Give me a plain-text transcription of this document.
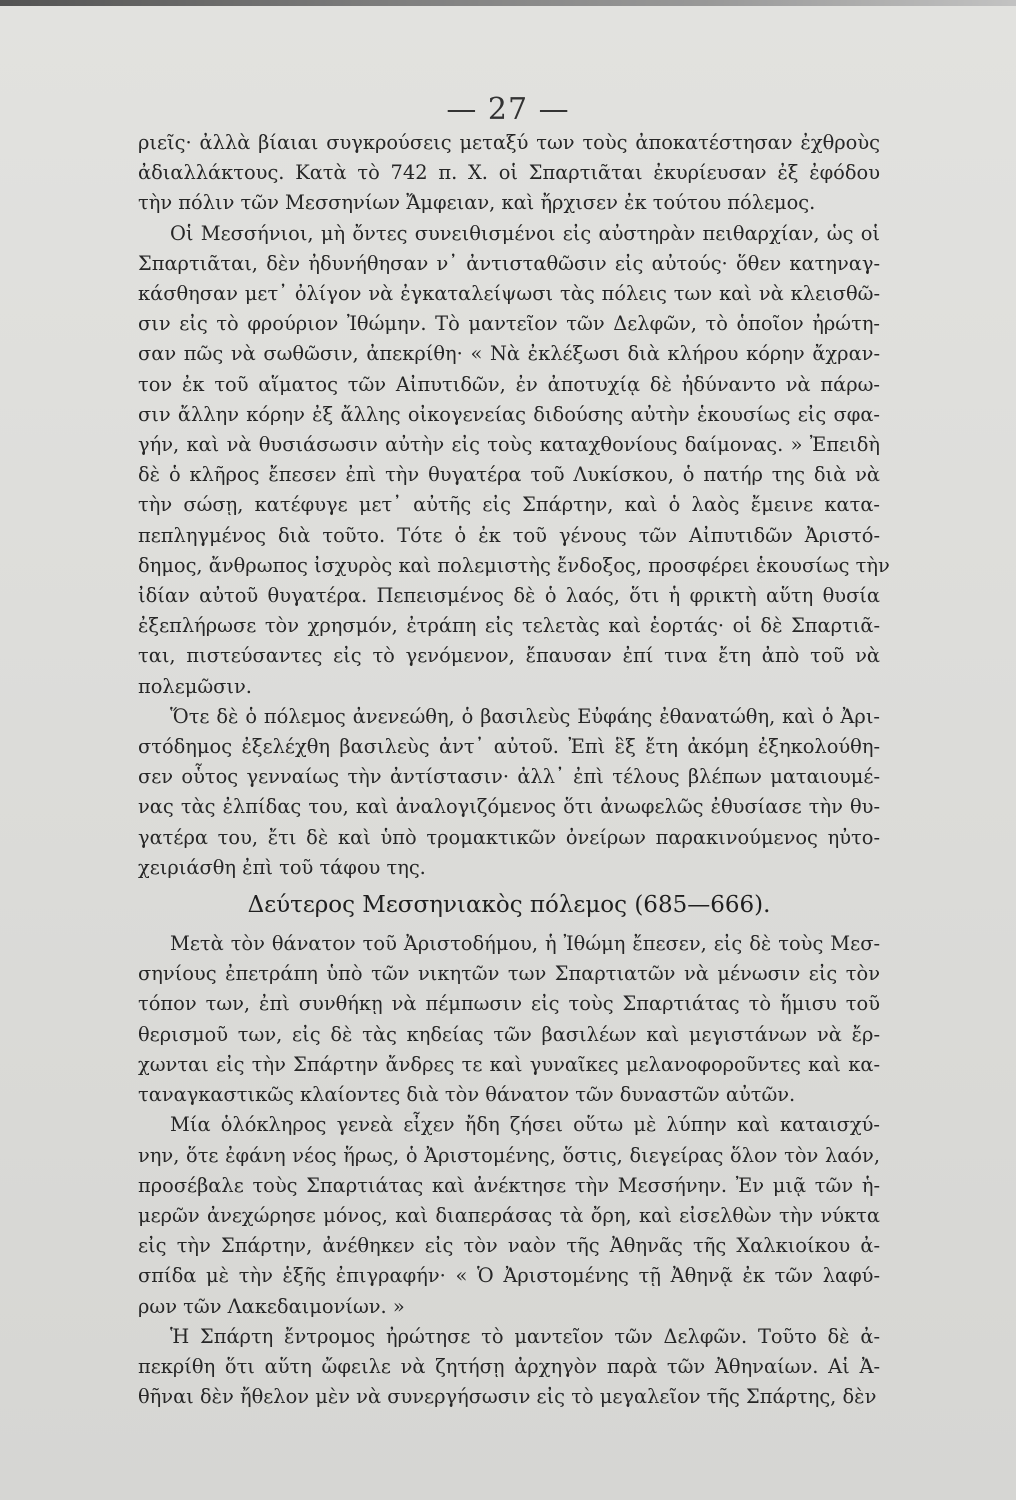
— 27 —
ριεῖς· ἀλλὰ βίαιαι συγκρούσεις μεταξύ των τοὺς ἀποκατέστησαν ἐχθροὺς
ἀδιαλλάκτους. Κατὰ τὸ 742 π. Χ. οἱ Σπαρτιᾶται ἐκυρίευσαν ἐξ ἐφόδου
τὴν πόλιν τῶν Μεσσηνίων Ἄμφειαν, καὶ ἤρχισεν ἐκ τούτου πόλεμος.
Οἱ Μεσσήνιοι, μὴ ὄντες συνειθισμένοι εἰς αὐστηρὰν πειθαρχίαν, ὡς οἱ
Σπαρτιᾶται, δὲν ἠδυνήθησαν ν᾽ ἀντισταθῶσιν εἰς αὐτούς· ὅθεν κατηναγ-
κάσθησαν μετ᾽ ὀλίγον νὰ ἐγκαταλείψωσι τὰς πόλεις των καὶ νὰ κλεισθῶ-
σιν εἰς τὸ φρούριον Ἰθώμην. Τὸ μαντεῖον τῶν Δελφῶν, τὸ ὁποῖον ἠρώτη-
σαν πῶς νὰ σωθῶσιν, ἀπεκρίθη· « Νὰ ἐκλέξωσι διὰ κλήρου κόρην ἄχραν-
τον ἐκ τοῦ αἵματος τῶν Αἰπυτιδῶν, ἐν ἀποτυχίᾳ δὲ ἠδύναντο νὰ πάρω-
σιν ἄλλην κόρην ἐξ ἄλλης οἰκογενείας διδούσης αὐτὴν ἑκουσίως εἰς σφα-
γήν, καὶ νὰ θυσιάσωσιν αὐτὴν εἰς τοὺς καταχθονίους δαίμονας. » Ἐπειδὴ
δὲ ὁ κλῆρος ἔπεσεν ἐπὶ τὴν θυγατέρα τοῦ Λυκίσκου, ὁ πατήρ της διὰ νὰ
τὴν σώσῃ, κατέφυγε μετ᾽ αὐτῆς εἰς Σπάρτην, καὶ ὁ λαὸς ἔμεινε κατα-
πεπληγμένος διὰ τοῦτο. Τότε ὁ ἐκ τοῦ γένους τῶν Αἰπυτιδῶν Ἀριστό-
δημος, ἄνθρωπος ἰσχυρὸς καὶ πολεμιστὴς ἔνδοξος, προσφέρει ἑκουσίως τὴν
ἰδίαν αὐτοῦ θυγατέρα. Πεπεισμένος δὲ ὁ λαός, ὅτι ἡ φρικτὴ αὕτη θυσία
ἐξεπλήρωσε τὸν χρησμόν, ἐτράπη εἰς τελετὰς καὶ ἑορτάς· οἱ δὲ Σπαρτιᾶ-
ται, πιστεύσαντες εἰς τὸ γενόμενον, ἔπαυσαν ἐπί τινα ἔτη ἀπὸ τοῦ νὰ
πολεμῶσιν.
Ὅτε δὲ ὁ πόλεμος ἀνενεώθη, ὁ βασιλεὺς Εὐφάης ἐθανατώθη, καὶ ὁ Ἀρι-
στόδημος ἐξελέχθη βασιλεὺς ἀντ᾽ αὐτοῦ. Ἐπὶ ἓξ ἔτη ἀκόμη ἐξηκολούθη-
σεν οὗτος γενναίως τὴν ἀντίστασιν· ἀλλ᾽ ἐπὶ τέλους βλέπων ματαιουμέ-
νας τὰς ἐλπίδας του, καὶ ἀναλογιζόμενος ὅτι ἀνωφελῶς ἐθυσίασε τὴν θυ-
γατέρα του, ἔτι δὲ καὶ ὑπὸ τρομακτικῶν ὀνείρων παρακινούμενος ηὐτο-
χειριάσθη ἐπὶ τοῦ τάφου της.
Δεύτερος Μεσσηνιακὸς πόλεμος (685—666).
Μετὰ τὸν θάνατον τοῦ Ἀριστοδήμου, ἡ Ἰθώμη ἔπεσεν, εἰς δὲ τοὺς Μεσ-
σηνίους ἐπετράπη ὑπὸ τῶν νικητῶν των Σπαρτιατῶν νὰ μένωσιν εἰς τὸν
τόπον των, ἐπὶ συνθήκῃ νὰ πέμπωσιν εἰς τοὺς Σπαρτιάτας τὸ ἥμισυ τοῦ
θερισμοῦ των, εἰς δὲ τὰς κηδείας τῶν βασιλέων καὶ μεγιστάνων νὰ ἔρ-
χωνται εἰς τὴν Σπάρτην ἄνδρες τε καὶ γυναῖκες μελανοφοροῦντες καὶ κα-
ταναγκαστικῶς κλαίοντες διὰ τὸν θάνατον τῶν δυναστῶν αὐτῶν.
Μία ὁλόκληρος γενεὰ εἶχεν ἤδη ζήσει οὕτω μὲ λύπην καὶ καταισχύ-
νην, ὅτε ἐφάνη νέος ἥρως, ὁ Ἀριστομένης, ὅστις, διεγείρας ὅλον τὸν λαόν,
προσέβαλε τοὺς Σπαρτιάτας καὶ ἀνέκτησε τὴν Μεσσήνην. Ἐν μιᾷ τῶν ἡ-
μερῶν ἀνεχώρησε μόνος, καὶ διαπεράσας τὰ ὄρη, καὶ εἰσελθὼν τὴν νύκτα
εἰς τὴν Σπάρτην, ἀνέθηκεν εἰς τὸν ναὸν τῆς Ἀθηνᾶς τῆς Χαλκιοίκου ἀ-
σπίδα μὲ τὴν ἑξῆς ἐπιγραφήν· « Ὁ Ἀριστομένης τῇ Ἀθηνᾷ ἐκ τῶν λαφύ-
ρων τῶν Λακεδαιμονίων. »
Ἡ Σπάρτη ἔντρομος ἠρώτησε τὸ μαντεῖον τῶν Δελφῶν. Τοῦτο δὲ ἀ-
πεκρίθη ὅτι αὕτη ὤφειλε νὰ ζητήσῃ ἀρχηγὸν παρὰ τῶν Ἀθηναίων. Αἱ Ἀ-
θῆναι δὲν ἤθελον μὲν νὰ συνεργήσωσιν εἰς τὸ μεγαλεῖον τῆς Σπάρτης, δὲν
